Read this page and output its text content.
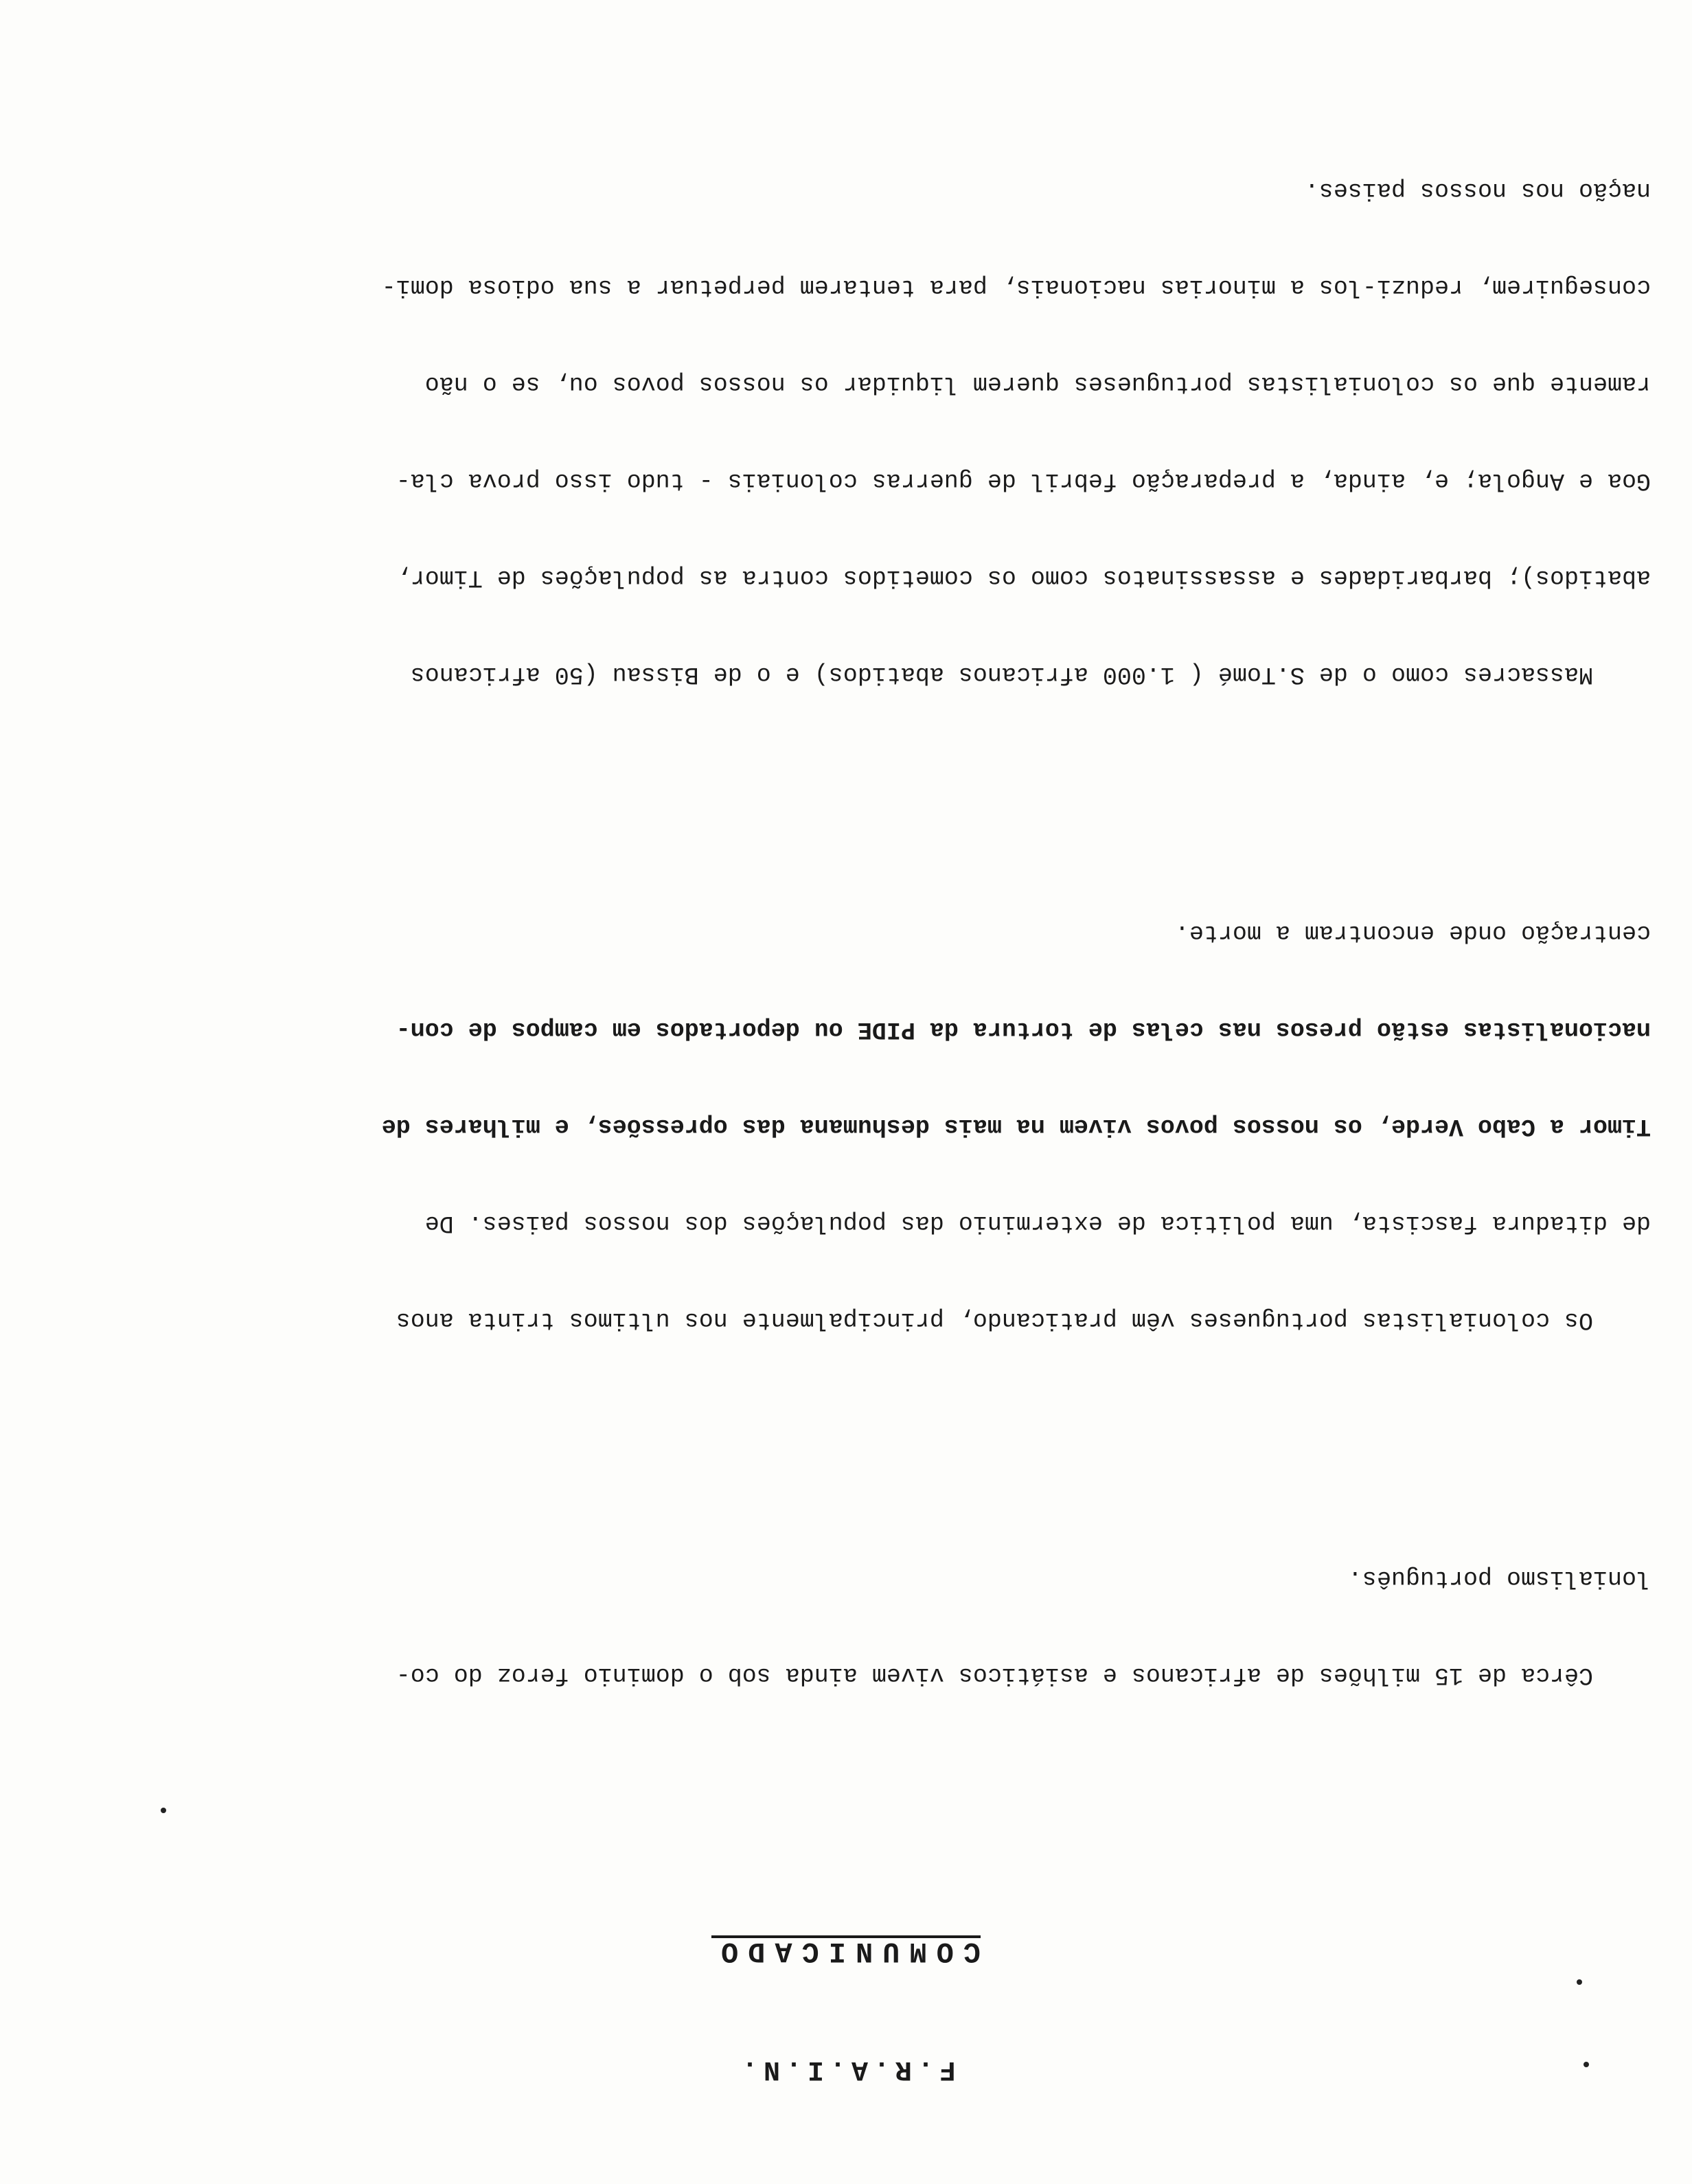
F.R.A.I.N.
COMUNICADO

Cêrca de 15 milhões de africanos e asiáticos vivem ainda sob o dominio feroz do co-

lonialismo português.

Os colonialistas portugueses vêm praticando, principalmente nos ultimos trinta anos

de ditadura fascista, uma politica de exterminio das populações dos nossos paises. De

Timor a Cabo Verde, os nossos povos vivem na mais deshumana das opressões, e milhares de

nacionalistas estão presos nas celas de tortura da PIDE ou deportados em campos de con-

centração onde encontram a morte.

Massacres como o de S.Tomé ( 1.000 africanos abatidos) e o de Bissau (50 africanos

abatidos); barbaridades e assassinatos como os cometidos contra as populações de Timor,

Goa e Angola; e, ainda, a preparação febril de guerras coloniais - tudo isso prova cla-

ramente que os colonialistas portugueses querem liquidar os nossos povos ou, se o não

conseguirem, reduzi-los a minorias nacionais, para tentarem perpetuar a sua odiosa domi-

nação nos nossos paises.
